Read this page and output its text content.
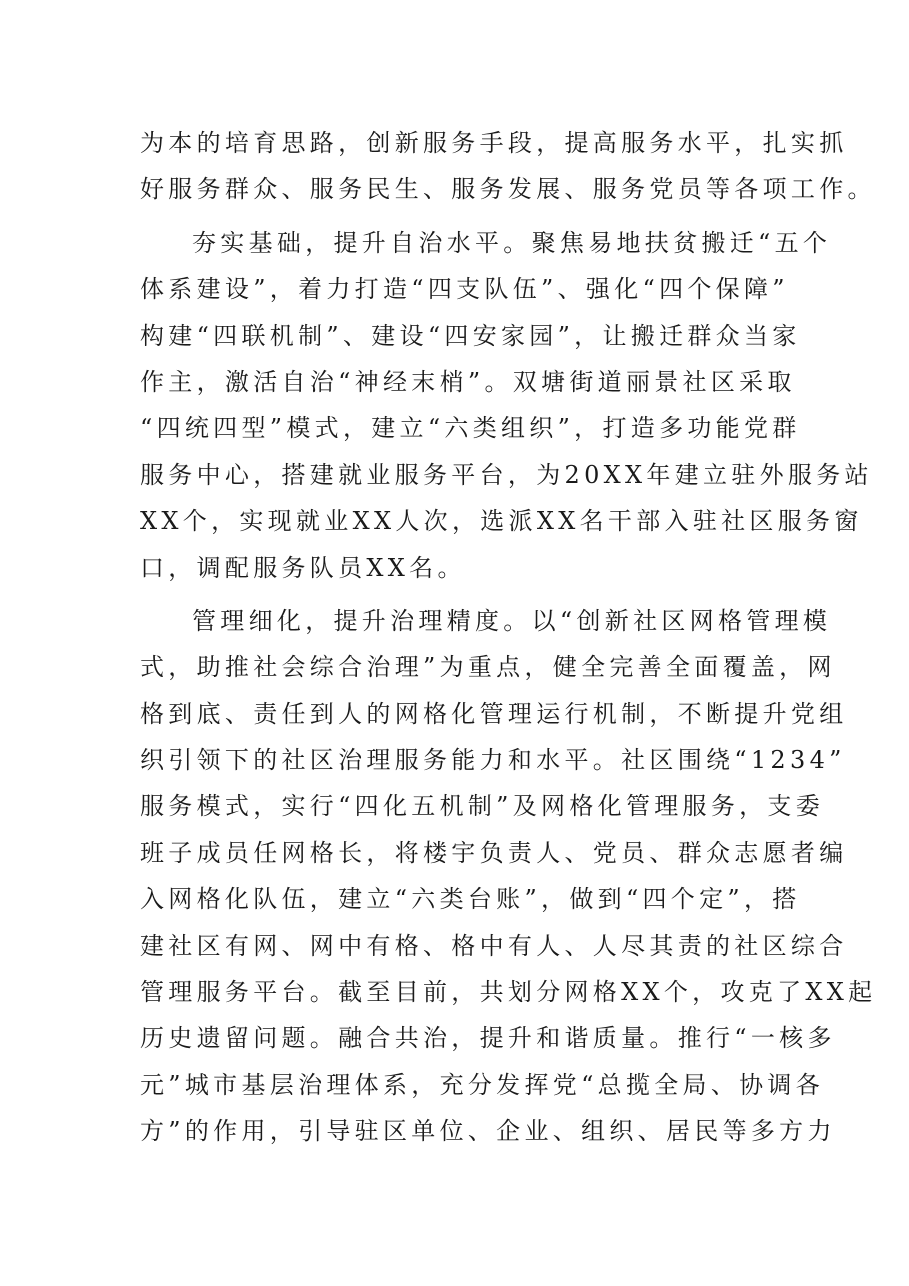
为本的培育思路，创新服务手段，提高服务水平，扎实抓
好服务群众、服务民生、服务发展、服务党员等各项工作。
夯实基础，提升自治水平。聚焦易地扶贫搬迁“五个
体系建设”，着力打造“四支队伍”、强化“四个保障”
构建“四联机制”、建设“四安家园”，让搬迁群众当家
作主，激活自治“神经末梢”。双塘街道丽景社区采取
“四统四型”模式，建立“六类组织”，打造多功能党群
服务中心，搭建就业服务平台，为20XX年建立驻外服务站
XX个，实现就业XX人次，选派XX名干部入驻社区服务窗
口，调配服务队员XX名。
管理细化，提升治理精度。以“创新社区网格管理模
式，助推社会综合治理”为重点，健全完善全面覆盖，网
格到底、责任到人的网格化管理运行机制，不断提升党组
织引领下的社区治理服务能力和水平。社区围绕“1234”
服务模式，实行“四化五机制”及网格化管理服务，支委
班子成员任网格长，将楼宇负责人、党员、群众志愿者编
入网格化队伍，建立“六类台账”，做到“四个定”，搭
建社区有网、网中有格、格中有人、人尽其责的社区综合
管理服务平台。截至目前，共划分网格XX个，攻克了XX起
历史遗留问题。融合共治，提升和谐质量。推行“一核多
元”城市基层治理体系，充分发挥党“总揽全局、协调各
方”的作用，引导驻区单位、企业、组织、居民等多方力
